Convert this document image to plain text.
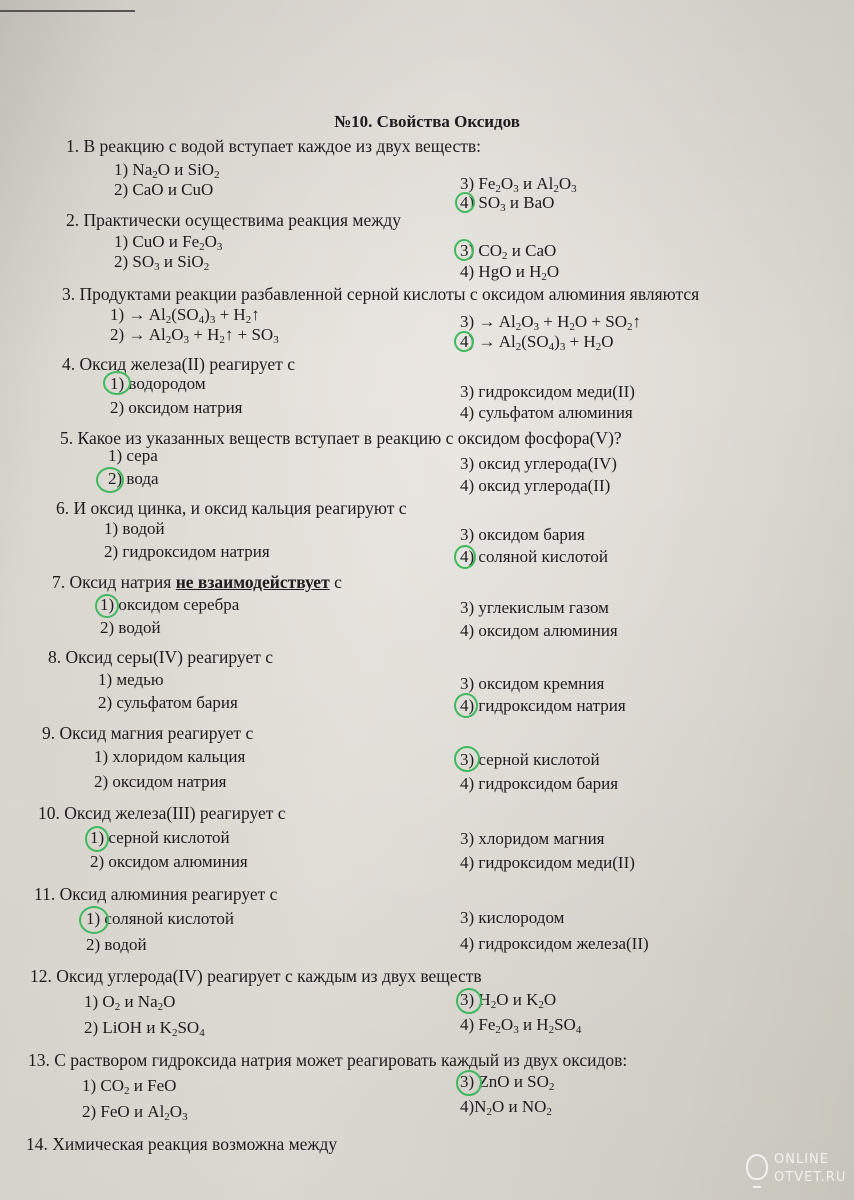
№10. Свойства Оксидов
1. В реакцию с водой вступает каждое из двух веществ:
1) $Na_2O$ и SiO$_2$
2) CaO и CuO	3) $Fe_2O_3$ и $Al_2O_3$
4) $SO_3$ и BaO
2. Практически осуществима реакция между
1) CuO и $Fe_2O_3$
2) $SO_3$ и SiO$_2$
3) $CO_2$ и CaO
4) HgO и $H_2O$
3. Продуктами реакции разбавленной серной кислоты с оксидом алюминия являются
$1) \to Al_2(SO_4)_3$ + $H_2↑$
$2) \to Al_2O_3$ + $H_2↑ + SO_3$
$3) \to Al_2O_3 + H_2O$ + $SO_2↑$
$4) \to Al_2(SO_4)_3 + H_2O$
4. Оксид железа(II) реагирует с
1) водородом
2) оксидом натрия
3) гидроксидом меди(II)
4) сульфатом алюминия
5. Какое из указанных веществ вступает в реакцию с оксидом фосфора(V)?
1) сера
2) вода
3) оксид углерода(IV)
4) оксид углерода(II)
6. И оксид цинка, и оксид кальция реагируют с
1) водой
2) гидроксидом натрия
3) оксидом бария
4) соляной кислотой
7. Оксид натрия не взаимодействует с
1) оксидом серебра
2) водой
3) углекислым газом
4) оксидом алюминия
8. Оксид серы(IV) реагирует с
1) медью
2) сульфатом бария
3) оксидом кремния
4) гидроксидом натрия
9. Оксид магния реагирует с
1) хлоридом кальция
2) оксидом натрия
3) серной кислотой
4) гидроксидом бария
10. Оксид железа(III) реагирует с
1) серной кислотой
2) оксидом алюминия
3) хлоридом магния
4) гидроксидом меди(II)
11. Оксид алюминия реагирует с
1) соляной кислотой
2) водой
3) кислородом
4) гидроксидом железа(II)
12. Оксид углерода(IV) реагирует с каждым из двух веществ
1) $O_2$ и $Na_2O$
2) LiOH и $K_2SO_4$
3) $H_2O$ и $K_2O$
4) $Fe_2O_3$ и $H_2SO_4$
13. С раствором гидроксида натрия может реагировать каждый из двух оксидов:
1) $CO_2$ и FeO
2) FeO и $Al_2O_3$
3) ZnO и $SO_2$
$4)N_2O$ и $NO_2$
14. Химическая реакция возможна между
ONLINE
OTVET.RU
